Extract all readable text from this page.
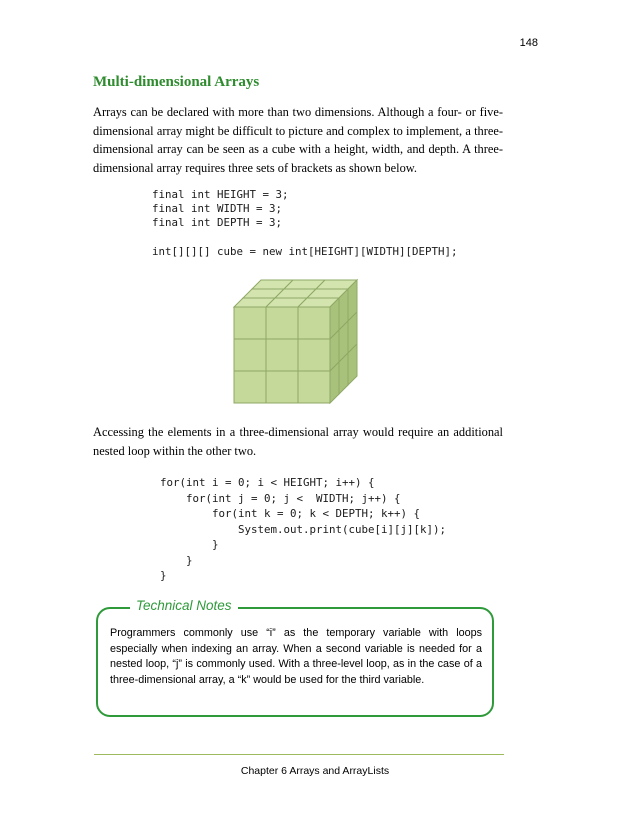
148
Multi-dimensional Arrays

Arrays can be declared with more than two dimensions. Although a four- or five-dimensional array might be difficult to picture and complex to implement, a three-dimensional array can be seen as a cube with a height, width, and depth. A three-dimensional array requires three sets of brackets as shown below.

final int HEIGHT = 3;
final int WIDTH = 3;
final int DEPTH = 3;

int[][][] cube = new int[HEIGHT][WIDTH][DEPTH];

Accessing the elements in a three-dimensional array would require an additional nested loop within the other two.

for(int i = 0; i < HEIGHT; i++) {
for(int j = 0; j <  WIDTH; j++) {
for(int k = 0; k < DEPTH; k++) {
System.out.print(cube[i][j][k]);
}
}
}
Technical Notes
Programmers commonly use “i” as the temporary variable with loops especially when indexing an array. When a second variable is needed for a nested loop, “j” is commonly used. With a three-level loop, as in the case of a three-dimensional array, a “k” would be used for the third variable.
Chapter 6 Arrays and ArrayLists
